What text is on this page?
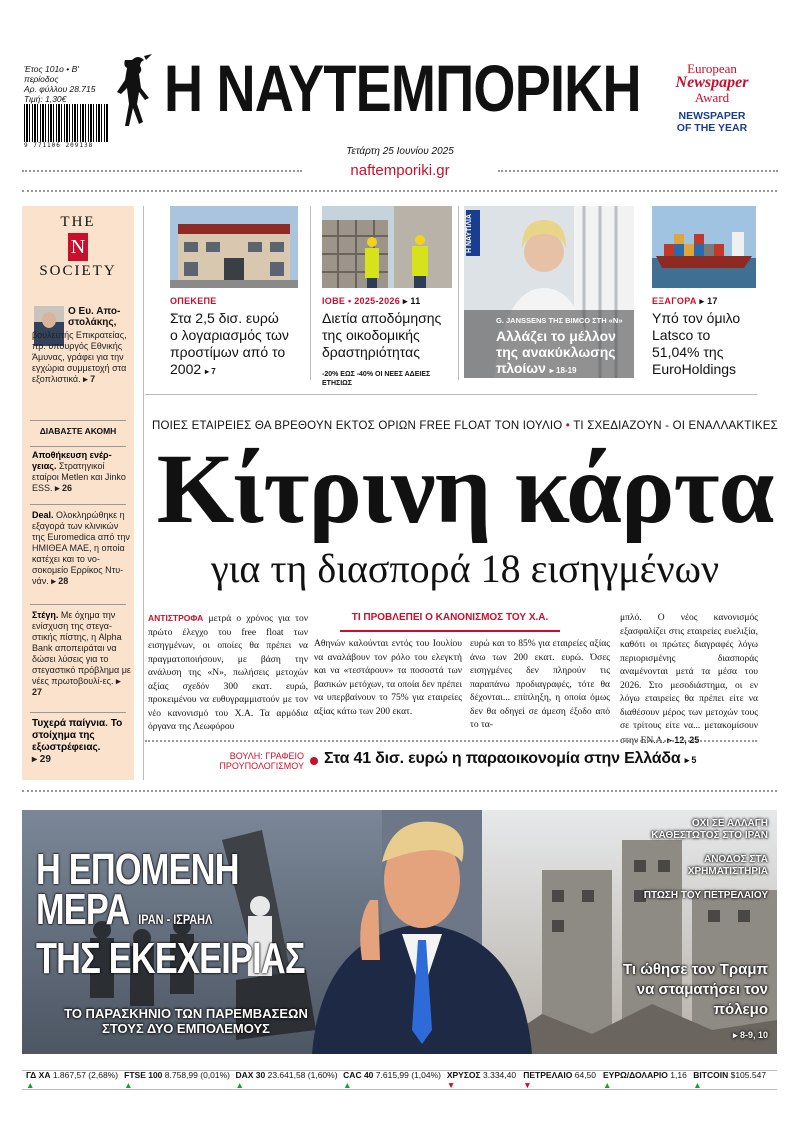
Έτος 101ο • Β' περίοδος
Αρ. φύλλου 28.715
Τιμή: 1,30€
9 771106 209138
Η ΝΑΥΤΕΜΠΟΡΙΚΗ	European
Newspaper
Award
NEWSPAPER
OF THE YEAR
Τετάρτη 25 Ιουνίου 2025
naftemporiki.gr
THE
N
SOCIETY
Ο Ευ. Απο-στολάκης,
βουλευτής Επικρατείας, πρ. υπουργός Εθνικής Άμυνας, γράφει για την εγχώρια συμμετοχή στα εξοπλιστικά. ▸ 7
ΔΙΑΒΑΣΤΕ ΑΚΟΜΗ
Αποθήκευση ενέρ-γειας. Στρατηγικοί εταίροι Metlen και Jinko ESS. ▸ 26
Deal. Ολοκληρώθηκε η εξαγορά των κλινικών της Euromedica από την ΗΜΙΘΕΑ ΜΑΕ, η οποία κατέχει και το νο-σοκομείο Ερρίκος Ντυ-νάν. ▸ 28
Στέγη. Με όχημα την ενίσχυση της στεγα-στικής πίστης, η Alpha Bank αποπειράται να δώσει λύσεις για το στεγαστικό πρόβλημα με νέες πρωτοβουλί-ες. ▸ 27
Τυχερά παίγνια. Το στοίχημα της εξωστρέφειας.
▸ 29
ΟΠΕΚΕΠΕ
Στα 2,5 δισ. ευρώ ο λογαριασμός των προστίμων από το 2002 ▸ 7
ΙΟΒΕ • 2025-2026 ▸ 11
Διετία αποδόμησης της οικοδομικής δραστηριότητας
-20% ΕΩΣ -40% ΟΙ ΝΕΕΣ ΑΔΕΙΕΣ ΕΤΗΣΙΩΣ
Η ΝΑΥΤΙΛΙΑ
G. JANSSENS ΤΗΣ BIMCO ΣΤΗ «Ν»
Αλλάζει το μέλλον της ανακύκλωσης πλοίων ▸ 18-19
ΕΞΑΓΟΡΑ ▸ 17
Υπό τον όμιλο Latsco το 51,04% της EuroHoldings
ΠΟΙΕΣ ΕΤΑΙΡΕΙΕΣ ΘΑ ΒΡΕΘΟΥΝ ΕΚΤΟΣ ΟΡΙΩΝ FREE FLOAT ΤΟΝ ΙΟΥΛΙΟ • ΤΙ ΣΧΕΔΙΑΖΟΥΝ - ΟΙ ΕΝΑΛΛΑΚΤΙΚΕΣ
Κίτρινη κάρτα
για τη διασπορά 18 εισηγμένων
ΑΝΤΙΣΤΡΟΦΑ μετρά ο χρόνος για τον πρώτο έλεγχο του free float των εισηγμένων, οι οποίες θα πρέπει να πραγματοποιήσουν, με βάση την ανάλυση της «Ν», πωλήσεις μετοχών αξίας σχεδόν 300 εκατ. ευρώ, προκειμένου να ευθυγραμμιστούν με τον νέο κανονισμό του Χ.Α. Τα αρμόδια όργανα της Λεωφόρου
ΤΙ ΠΡΟΒΛΕΠΕΙ Ο ΚΑΝΟΝΙΣΜΟΣ ΤΟΥ Χ.Α.
Αθηνών καλούνται εντός του Ιουλίου να αναλάβουν τον ρόλο του ελεγκτή και να «τεστάρουν» τα ποσοστά των βασικών μετόχων, τα οποία δεν πρέπει να υπερβαίνουν το 75% για εταιρείες αξίας κάτω των 200 εκατ.
ευρώ και το 85% για εταιρείες αξίας άνω των 200 εκατ. ευρώ. Όσες εισηγμένες δεν πληρούν τις παραπάνω προδιαγραφές, τότε θα δέχονται... επίπληξη, η οποία όμως δεν θα οδηγεί σε άμεση έξοδο από το τα-
μπλό. Ο νέος κανονισμός εξασφαλίζει στις εταιρείες ευελιξία, καθότι οι πρώτες διαγραφές λόγω περιορισμένης διασποράς αναμένονται μετά τα μέσα του 2026. Στο μεσοδιάστημα, οι εν λόγω εταιρείες θα πρέπει είτε να διαθέσουν μέρος των μετοχών τους σε τρίτους είτε να... μετακομίσουν στην ΕΝ.Α. ▸ 12, 25
ΒΟΥΛΗ: ΓΡΑΦΕΙΟ ΠΡΟΥΠΟΛΟΓΙΣΜΟΥ Στα 41 δισ. ευρώ η παραοικονομία στην Ελλάδα ▸ 5
Η ΕΠΟΜΕΝΗ
ΜΕΡΑ ΙΡΑΝ - ΙΣΡΑΗΛ
ΤΗΣ ΕΚΕΧΕΙΡΙΑΣ
ΤΟ ΠΑΡΑΣΚΗΝΙΟ ΤΩΝ ΠΑΡΕΜΒΑΣΕΩΝ
ΣΤΟΥΣ ΔΥΟ ΕΜΠΟΛΕΜΟΥΣ
ΟΧΙ ΣΕ ΑΛΛΑΓΗ ΚΑΘΕΣΤΩΤΟΣ ΣΤΟ ΙΡΑΝ
ΑΝΟΔΟΣ ΣΤΑ ΧΡΗΜΑΤΙΣΤΗΡΙΑ
ΠΤΩΣΗ ΤΟΥ ΠΕΤΡΕΛΑΙΟΥ
Τι ώθησε τον Τραμπ να σταματήσει τον πόλεμο
▸ 8-9, 10
ΓΔ ΧΑ 1.867,57 (2,68%) ▲
FTSE 100 8.758,99 (0,01%) ▲
DAX 30 23.641,58 (1,60%) ▲
CAC 40 7.615,99 (1,04%) ▲
ΧΡΥΣΟΣ 3.334,40 ▼
ΠΕΤΡΕΛΑΙΟ 64,50 ▼
ΕΥΡΩ/ΔΟΛΑΡΙΟ 1,16 ▲
BITCOIN $105.547 ▲
